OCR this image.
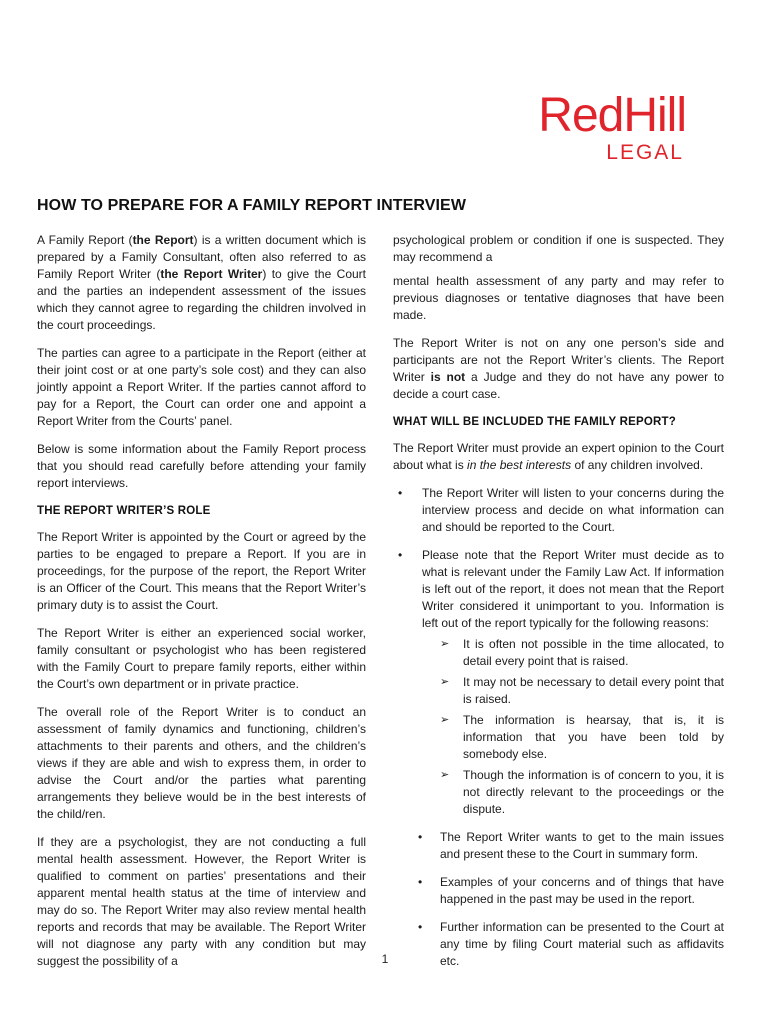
RedHill
LEGAL
HOW TO PREPARE FOR A FAMILY REPORT INTERVIEW

A Family Report (the Report) is a written document which is prepared by a Family Consultant, often also referred to as Family Report Writer (the Report Writer) to give the Court and the parties an independent assessment of the issues which they cannot agree to regarding the children involved in the court proceedings.

The parties can agree to a participate in the Report (either at their joint cost or at one party’s sole cost) and they can also jointly appoint a Report Writer. If the parties cannot afford to pay for a Report, the Court can order one and appoint a Report Writer from the Courts’ panel.

Below is some information about the Family Report process that you should read carefully before attending your family report interviews.

THE REPORT WRITER’S ROLE

The Report Writer is appointed by the Court or agreed by the parties to be engaged to prepare a Report. If you are in proceedings, for the purpose of the report, the Report Writer is an Officer of the Court. This means that the Report Writer’s primary duty is to assist the Court.

The Report Writer is either an experienced social worker, family consultant or psychologist who has been registered with the Family Court to prepare family reports, either within the Court’s own department or in private practice.

The overall role of the Report Writer is to conduct an assessment of family dynamics and functioning, children’s attachments to their parents and others, and the children’s views if they are able and wish to express them, in order to advise the Court and/or the parties what parenting arrangements they believe would be in the best interests of the child/ren.

If they are a psychologist, they are not conducting a full mental health assessment. However, the Report Writer is qualified to comment on parties’ presentations and their apparent mental health status at the time of interview and may do so. The Report Writer may also review mental health reports and records that may be available. The Report Writer will not diagnose any party with any condition but may suggest the possibility of a

psychological problem or condition if one is suspected. They may recommend a

mental health assessment of any party and may refer to previous diagnoses or tentative diagnoses that have been made.

The Report Writer is not on any one person’s side and participants are not the Report Writer’s clients. The Report Writer is not a Judge and they do not have any power to decide a court case.

WHAT WILL BE INCLUDED THE FAMILY REPORT?

The Report Writer must provide an expert opinion to the Court about what is in the best interests of any children involved.

• The Report Writer will listen to your concerns during the interview process and decide on what information can and should be reported to the Court.
• Please note that the Report Writer must decide as to what is relevant under the Family Law Act. If information is left out of the report, it does not mean that the Report Writer considered it unimportant to you. Information is left out of the report typically for the following reasons:
➢ It is often not possible in the time allocated, to detail every point that is raised.
➢ It may not be necessary to detail every point that is raised.
➢ The information is hearsay, that is, it is information that you have been told by somebody else.
➢ Though the information is of concern to you, it is not directly relevant to the proceedings or the dispute.
• The Report Writer wants to get to the main issues and present these to the Court in summary form.
• Examples of your concerns and of things that have happened in the past may be used in the report.
• Further information can be presented to the Court at any time by filing Court material such as affidavits etc.
1
